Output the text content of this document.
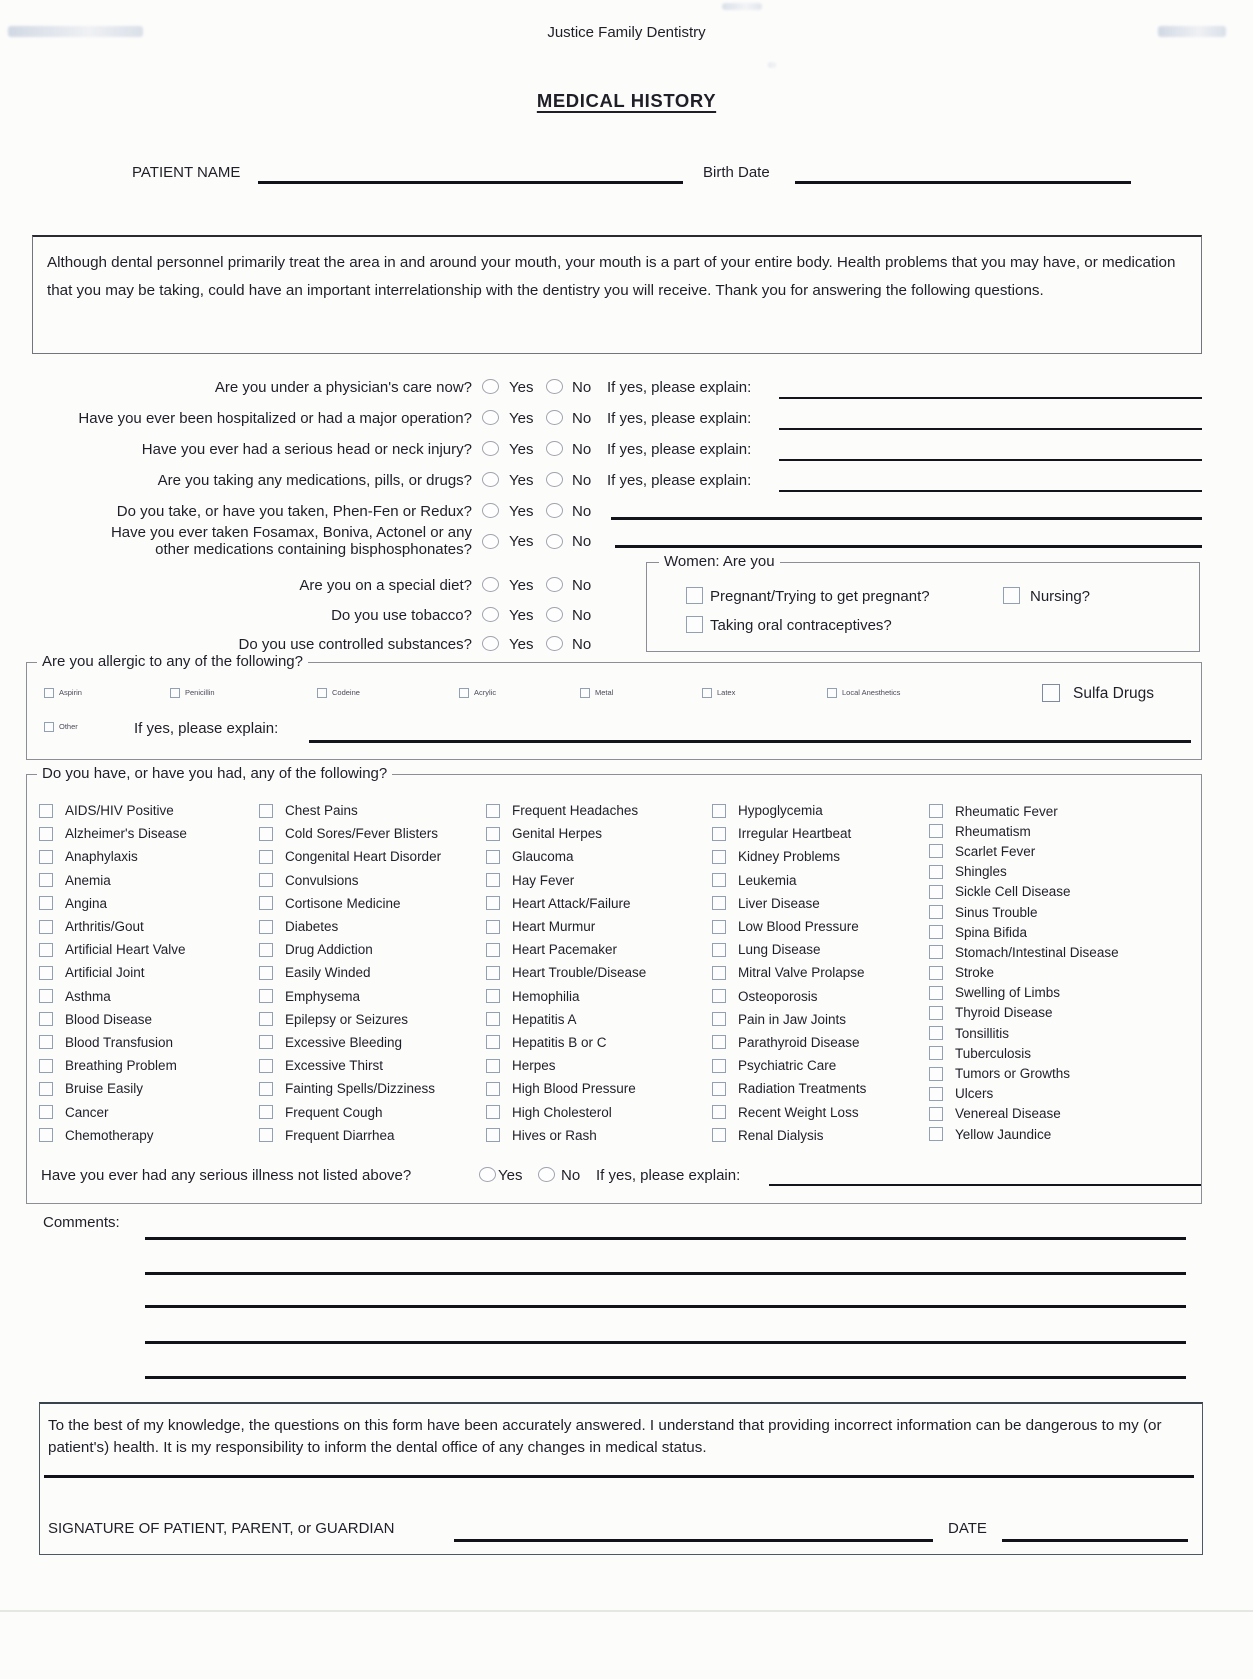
Justice Family Dentistry
MEDICAL HISTORY
PATIENT NAME	Birth Date
Although dental personnel primarily treat the area in and around your mouth, your mouth is a part of your entire body. Health problems that you may have, or medication that you may be taking, could have an important interrelationship with the dentistry you will receive. Thank you for answering the following questions.
Are you under a physician's care now? Yes	No If yes, please explain:
Have you ever been hospitalized or had a major operation? Yes	No If yes, please explain:
Have you ever had a serious head or neck injury? Yes	No If yes, please explain:
Are you taking any medications, pills, or drugs? Yes	No If yes, please explain:
Do you take, or have you taken, Phen-Fen or Redux? Yes	No
Have you ever taken Fosamax, Boniva, Actonel or any
other medications containing bisphosphonates? Yes	No
Are you on a special diet? Yes	No
Do you use tobacco? Yes	No
Do you use controlled substances? Yes	No
Women: Are you
Pregnant/Trying to get pregnant?	Nursing?
Taking oral contraceptives?
Are you allergic to any of the following?
Aspirin	Penicillin	Codeine	Acrylic	Metal	Latex	Local Anesthetics	Sulfa Drugs
Other	If yes, please explain:
Do you have, or have you had, any of the following?
AIDS/HIV Positive
Alzheimer's Disease
Anaphylaxis
Anemia
Angina
Arthritis/Gout
Artificial Heart Valve
Artificial Joint
Asthma
Blood Disease
Blood Transfusion
Breathing Problem
Bruise Easily
Cancer
Chemotherapy
Chest Pains
Cold Sores/Fever Blisters
Congenital Heart Disorder
Convulsions
Cortisone Medicine
Diabetes
Drug Addiction
Easily Winded
Emphysema
Epilepsy or Seizures
Excessive Bleeding
Excessive Thirst
Fainting Spells/Dizziness
Frequent Cough
Frequent Diarrhea
Frequent Headaches
Genital Herpes
Glaucoma
Hay Fever
Heart Attack/Failure
Heart Murmur
Heart Pacemaker
Heart Trouble/Disease
Hemophilia
Hepatitis A
Hepatitis B or C
Herpes
High Blood Pressure
High Cholesterol
Hives or Rash
Hypoglycemia
Irregular Heartbeat
Kidney Problems
Leukemia
Liver Disease
Low Blood Pressure
Lung Disease
Mitral Valve Prolapse
Osteoporosis
Pain in Jaw Joints
Parathyroid Disease
Psychiatric Care
Radiation Treatments
Recent Weight Loss
Renal Dialysis
Rheumatic Fever
Rheumatism
Scarlet Fever
Shingles
Sickle Cell Disease
Sinus Trouble
Spina Bifida
Stomach/Intestinal Disease
Stroke
Swelling of Limbs
Thyroid Disease
Tonsillitis
Tuberculosis
Tumors or Growths
Ulcers
Venereal Disease
Yellow Jaundice
Have you ever had any serious illness not listed above?	Yes	No If yes, please explain:
Comments:
To the best of my knowledge, the questions on this form have been accurately answered. I understand that providing incorrect information can be dangerous to my (or patient's) health. It is my responsibility to inform the dental office of any changes in medical status.
SIGNATURE OF PATIENT, PARENT, or GUARDIAN	DATE
